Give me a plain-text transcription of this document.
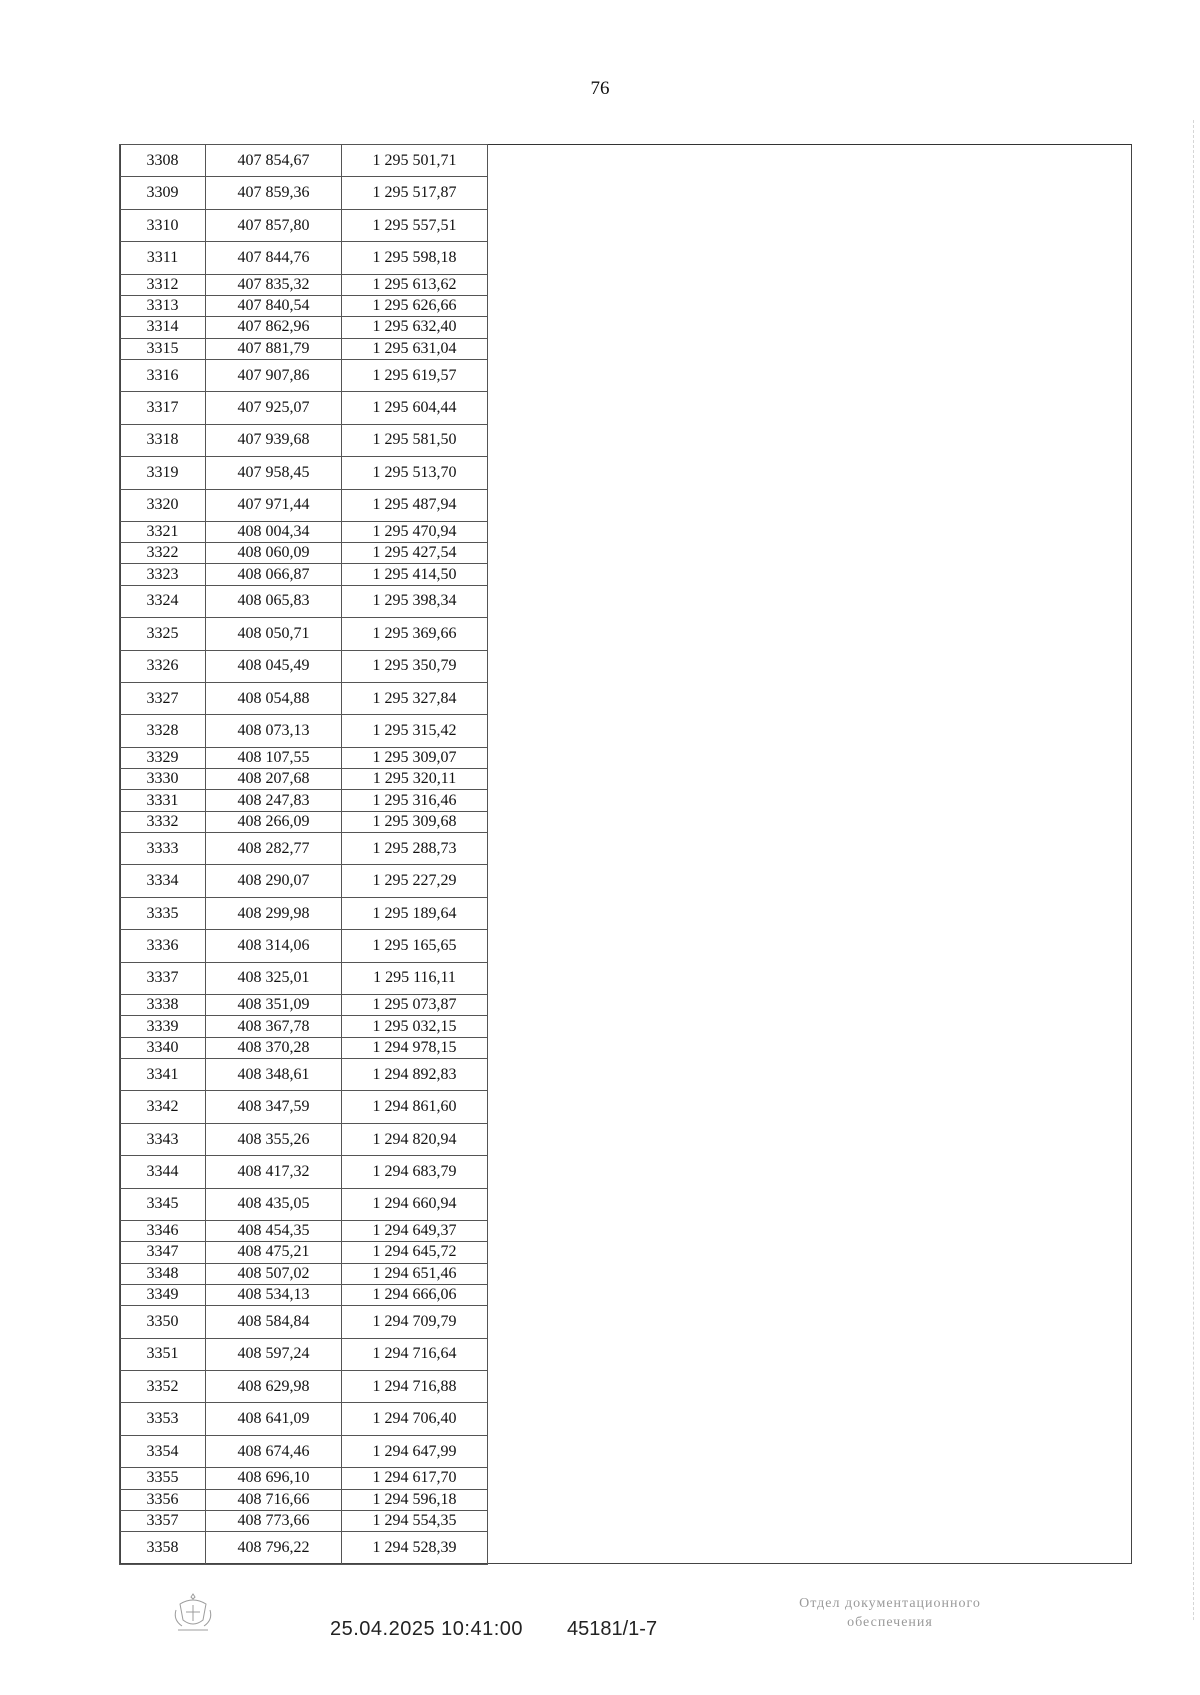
76
3308	407 854,67	1 295 501,71
3309	407 859,36	1 295 517,87
3310	407 857,80	1 295 557,51
3311	407 844,76	1 295 598,18
3312	407 835,32	1 295 613,62
3313	407 840,54	1 295 626,66
3314	407 862,96	1 295 632,40
3315	407 881,79	1 295 631,04
3316	407 907,86	1 295 619,57
3317	407 925,07	1 295 604,44
3318	407 939,68	1 295 581,50
3319	407 958,45	1 295 513,70
3320	407 971,44	1 295 487,94
3321	408 004,34	1 295 470,94
3322	408 060,09	1 295 427,54
3323	408 066,87	1 295 414,50
3324	408 065,83	1 295 398,34
3325	408 050,71	1 295 369,66
3326	408 045,49	1 295 350,79
3327	408 054,88	1 295 327,84
3328	408 073,13	1 295 315,42
3329	408 107,55	1 295 309,07
3330	408 207,68	1 295 320,11
3331	408 247,83	1 295 316,46
3332	408 266,09	1 295 309,68
3333	408 282,77	1 295 288,73
3334	408 290,07	1 295 227,29
3335	408 299,98	1 295 189,64
3336	408 314,06	1 295 165,65
3337	408 325,01	1 295 116,11
3338	408 351,09	1 295 073,87
3339	408 367,78	1 295 032,15
3340	408 370,28	1 294 978,15
3341	408 348,61	1 294 892,83
3342	408 347,59	1 294 861,60
3343	408 355,26	1 294 820,94
3344	408 417,32	1 294 683,79
3345	408 435,05	1 294 660,94
3346	408 454,35	1 294 649,37
3347	408 475,21	1 294 645,72
3348	408 507,02	1 294 651,46
3349	408 534,13	1 294 666,06
3350	408 584,84	1 294 709,79
3351	408 597,24	1 294 716,64
3352	408 629,98	1 294 716,88
3353	408 641,09	1 294 706,40
3354	408 674,46	1 294 647,99
3355	408 696,10	1 294 617,70
3356	408 716,66	1 294 596,18
3357	408 773,66	1 294 554,35
3358	408 796,22	1 294 528,39
25.04.2025 10:41:00 45181/1-7
Отдел документационного
обеспечения
